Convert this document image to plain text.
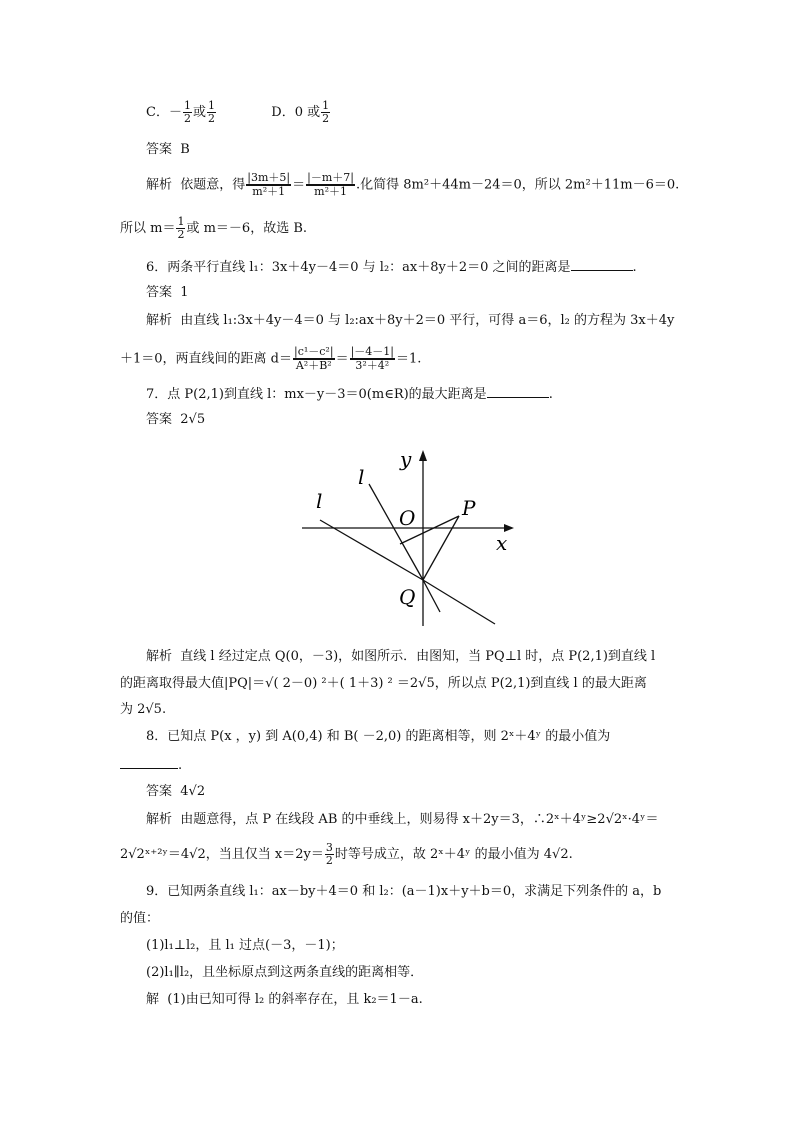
C．－ $\frac{1}{2}$ 或 $\frac{1}{2}$	D．0 或 $\frac{1}{2}$
答案 B
解析 依题意，得 $\frac{|3m+5|}{\text{m²＋1}} = \frac{|-m+7|}{\text{m²＋1}}$ .化简得 8m²＋44m－24＝0，所以 2m²＋11m－6＝0.
所以 $m= \frac{1}{2}$ 或 m＝－6，故选 B.
6．两条平行直线 l₁：3x＋4y－4＝0 与 l₂：ax＋8y＋2＝0 之间的距离是	.
答案 1
解析 由直线 l₁:3x＋4y－4＝0 与 l₂:ax＋8y＋2＝0 平行，可得 a＝6，l₂ 的方程为 3x＋4y
＋1＝0，两直线间的距离 $d= \frac{\text{|c¹－c²|}}{\text{A²＋B²}} = \frac{|-4-1|}{\text{3²＋4²}} =1$.
7．点 P(2,1)到直线 l：mx－y－3＝0(m∈R)的最大距离是	.
答案 2√5
y
x
l
l
O P
Q
解析 直线 l 经过定点 Q(0，－3)，如图所示．由图知，当 PQ⊥l 时，点 P(2,1)到直线 l
的距离取得最大值|PQ|＝√( 2－0) ²＋( 1＋3) ² ＝2√5，所以点 P(2,1)到直线 l 的最大距离
为 2√5.
8．已知点 P(x ，y) 到 A(0,4) 和 B( －2,0) 的距离相等，则 2ˣ＋4ʸ 的最小值为
.
答案 4√2
解析 由题意得，点 P 在线段 AB 的中垂线上，则易得 x＋2y＝3，∴2ˣ＋4ʸ≥2√2ˣ·4ʸ＝
2√2ˣ⁺²ʸ＝4√2，当且仅当 $x=2y= \frac{3}{2}$ 时等号成立，故 2ˣ＋4ʸ 的最小值为 4√2.
9．已知两条直线 l₁：ax－by＋4＝0 和 l₂：(a－1)x＋y＋b＝0，求满足下列条件的 a，b
的值：
(1)l₁⊥l₂，且 l₁ 过点(－3，－1)；
(2)l₁∥l₂，且坐标原点到这两条直线的距离相等．
解 (1)由已知可得 l₂ 的斜率存在，且 k₂＝1－a.
